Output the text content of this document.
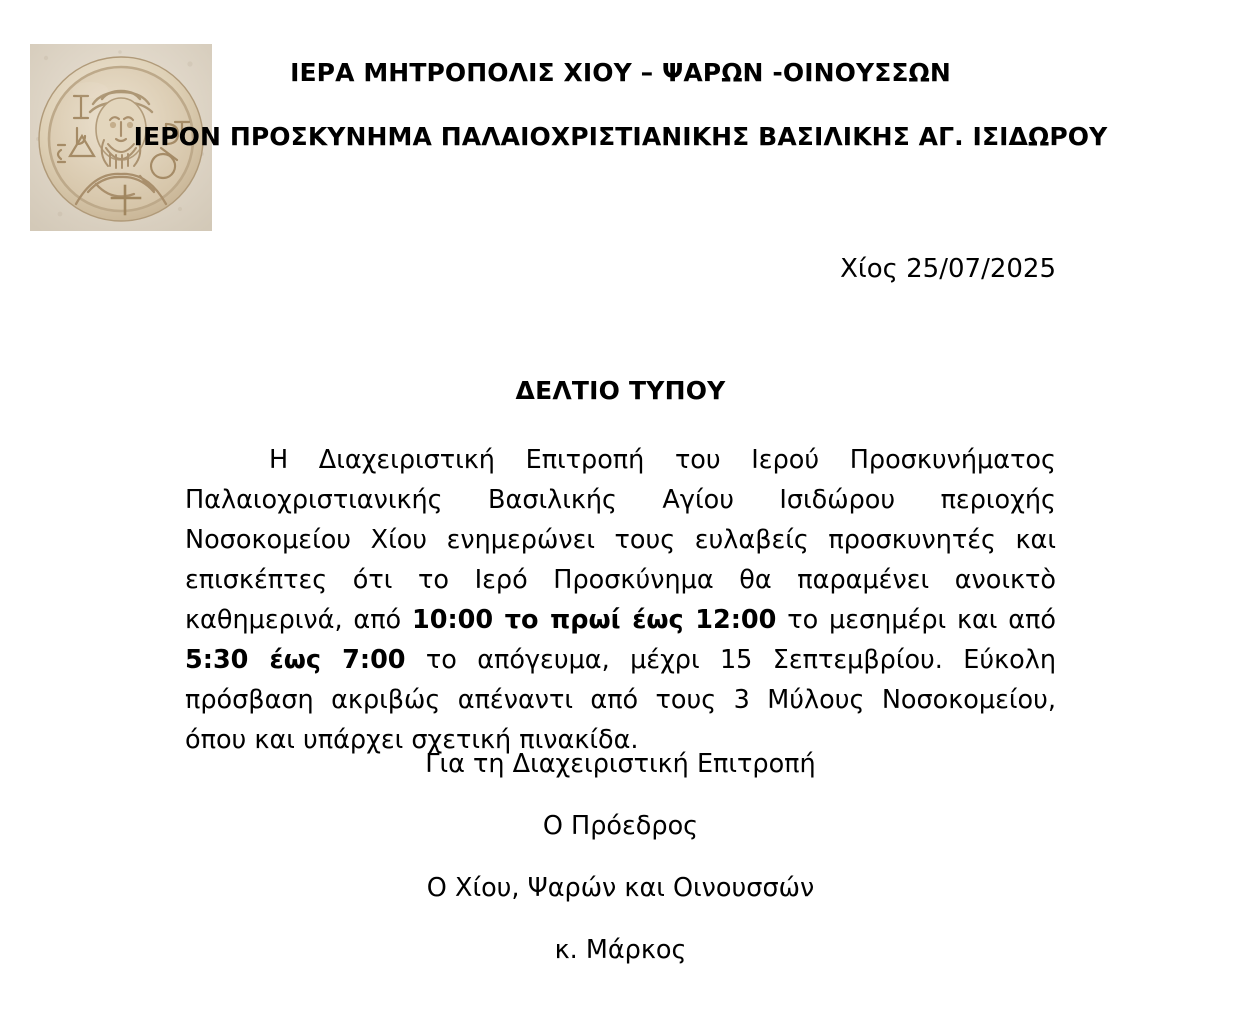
ΙΕΡΑ ΜΗΤΡΟΠΟΛΙΣ ΧΙΟΥ – ΨΑΡΩΝ -ΟΙΝΟΥΣΣΩΝ
ΙΕΡΟΝ ΠΡΟΣΚΥΝΗΜΑ ΠΑΛΑΙΟΧΡΙΣΤΙΑΝΙΚΗΣ ΒΑΣΙΛΙΚΗΣ ΑΓ. ΙΣΙΔΩΡΟΥ
Χίος 25/07/2025
ΔΕΛΤΙΟ ΤΥΠΟΥ
Η Διαχειριστική Επιτροπή του Ιερού Προσκυνήματος Παλαιοχριστιανικής Βασιλικής Αγίου Ισιδώρου περιοχής Νοσοκομείου Χίου ενημερώνει τους ευλαβείς προσκυνητές και επισκέπτες ότι το Ιερό Προσκύνημα θα παραμένει ανοικτὸ καθημερινά, από 10:00 το πρωί έως 12:00 το μεσημέρι και από 5:30 έως 7:00 το απόγευμα, μέχρι 15 Σεπτεμβρίου. Εύκολη πρόσβαση ακριβώς απέναντι από τους 3 Μύλους Νοσοκομείου, όπου και υπάρχει σχετική πινακίδα.
Για τη Διαχειριστική Επιτροπή
Ο Πρόεδρος
Ο Χίου, Ψαρών και Οινουσσών
κ. Μάρκος
